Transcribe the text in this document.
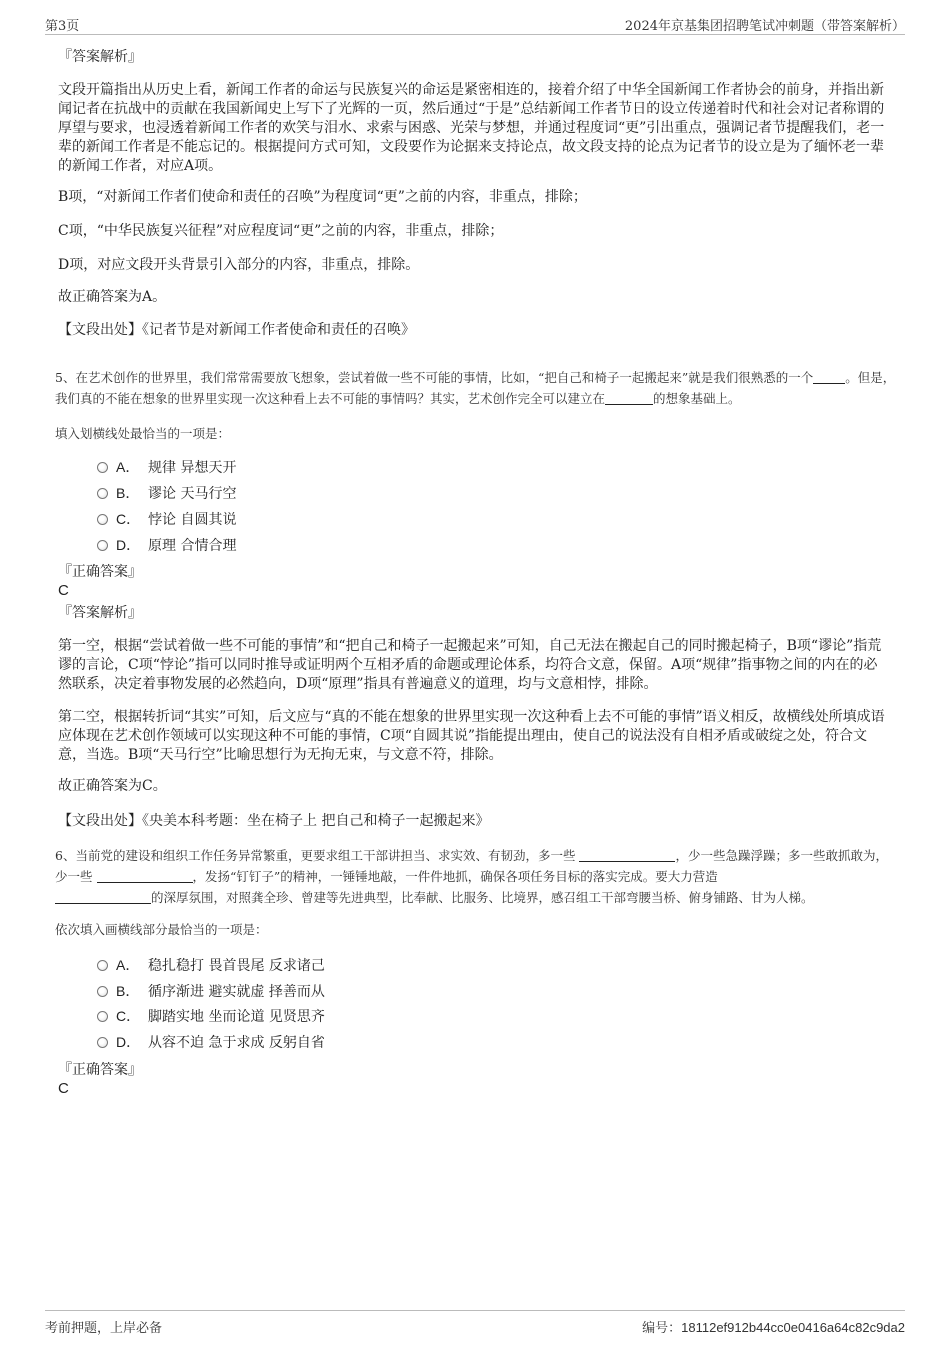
第3页	2024年京基集团招聘笔试冲刺题（带答案解析）
『答案解析』
文段开篇指出从历史上看，新闻工作者的命运与民族复兴的命运是紧密相连的，接着介绍了中华全国新闻工作者协会的前身，并指出新闻记者在抗战中的贡献在我国新闻史上写下了光辉的一页，然后通过“于是”总结新闻工作者节日的设立传递着时代和社会对记者称谓的厚望与要求，也浸透着新闻工作者的欢笑与泪水、求索与困惑、光荣与梦想，并通过程度词“更”引出重点，强调记者节提醒我们，老一辈的新闻工作者是不能忘记的。根据提问方式可知，文段要作为论据来支持论点，故文段支持的论点为记者节的设立是为了缅怀老一辈的新闻工作者，对应A项。
B项，“对新闻工作者们使命和责任的召唤”为程度词“更”之前的内容，非重点，排除；
C项，“中华民族复兴征程”对应程度词“更”之前的内容，非重点，排除；
D项，对应文段开头背景引入部分的内容，非重点，排除。
故正确答案为A。
【文段出处】《记者节是对新闻工作者使命和责任的召唤》
5、在艺术创作的世界里，我们常常需要放飞想象，尝试着做一些不可能的事情，比如，“把自己和椅子一起搬起来”就是我们很熟悉的一个	。但是，我们真的不能在想象的世界里实现一次这种看上去不可能的事情吗？其实，艺术创作完全可以建立在	的想象基础上。
填入划横线处最恰当的一项是：
A． 规律 异想天开
B． 谬论 天马行空
C． 悖论 自圆其说
D． 原理 合情合理
『正确答案』
C
『答案解析』
第一空，根据“尝试着做一些不可能的事情”和“把自己和椅子一起搬起来”可知，自己无法在搬起自己的同时搬起椅子，B项“谬论”指荒谬的言论，C项“悖论”指可以同时推导或证明两个互相矛盾的命题或理论体系，均符合文意，保留。A项“规律”指事物之间的内在的必然联系，决定着事物发展的必然趋向，D项“原理”指具有普遍意义的道理，均与文意相悖，排除。
第二空，根据转折词“其实”可知，后文应与“真的不能在想象的世界里实现一次这种看上去不可能的事情”语义相反，故横线处所填成语应体现在艺术创作领域可以实现这种不可能的事情，C项“自圆其说”指能提出理由，使自己的说法没有自相矛盾或破绽之处，符合文意，当选。B项“天马行空”比喻思想行为无拘无束，与文意不符，排除。
故正确答案为C。
【文段出处】《央美本科考题：坐在椅子上 把自己和椅子一起搬起来》
6、当前党的建设和组织工作任务异常繁重，更要求组工干部讲担当、求实效、有韧劲，多一些	，少一些急躁浮躁；多一些敢抓敢为，少一些	，发扬“钉钉子”的精神，一锤锤地敲，一件件地抓，确保各项任务目标的落实完成。要大力营造
的深厚氛围，对照龚全珍、曾建等先进典型，比奉献、比服务、比境界，感召组工干部弯腰当桥、俯身铺路、甘为人梯。
依次填入画横线部分最恰当的一项是：
A． 稳扎稳打 畏首畏尾 反求诸己
B． 循序渐进 避实就虚 择善而从
C． 脚踏实地 坐而论道 见贤思齐
D． 从容不迫 急于求成 反躬自省
『正确答案』
C
考前押题，上岸必备	编号：18112ef912b44cc0e0416a64c82c9da2
